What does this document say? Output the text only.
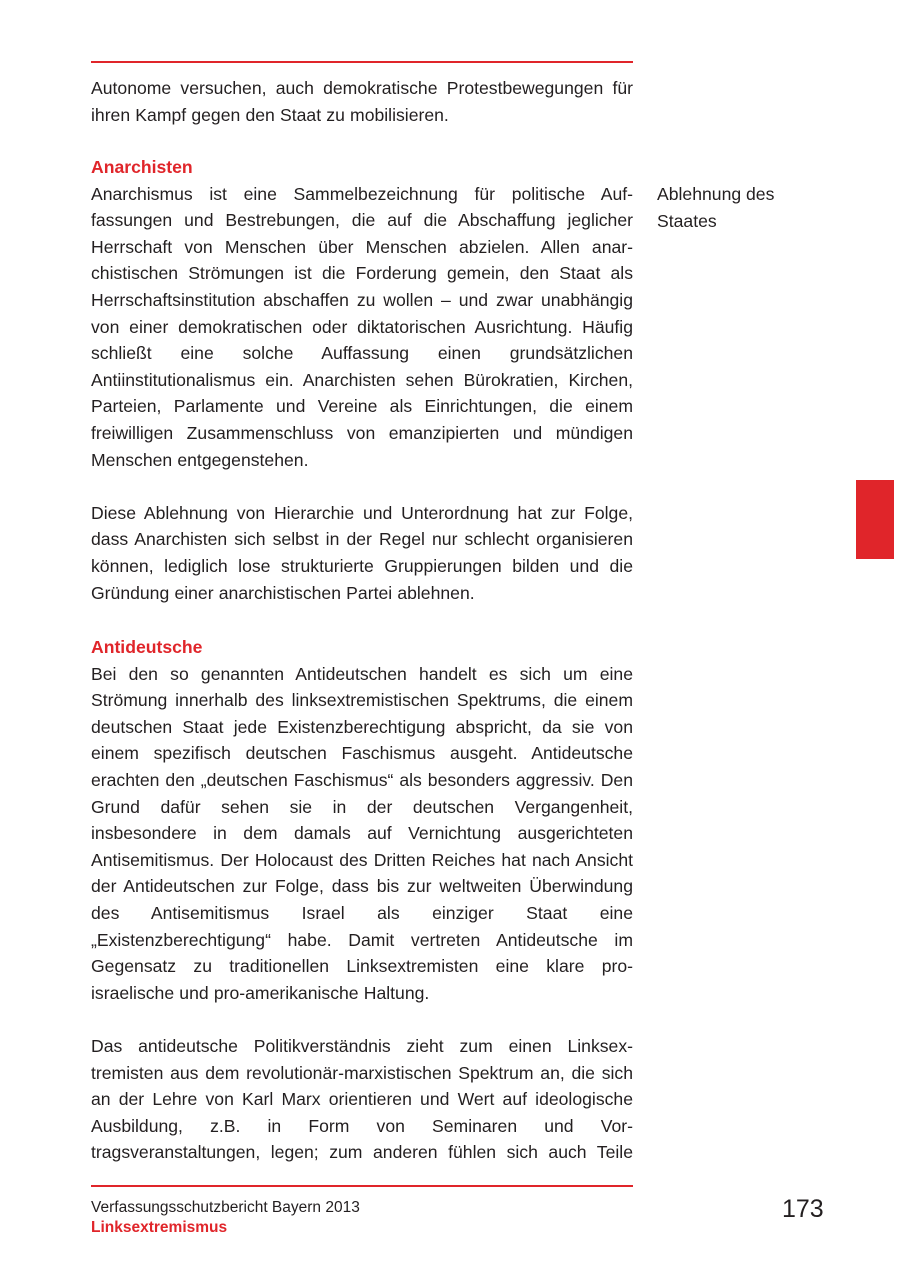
Autonome versuchen, auch demokratische Protestbewegungen für ihren Kampf gegen den Staat zu mobilisieren.

Anarchisten

Anarchismus ist eine Sammelbezeichnung für politische Auffassungen und Bestrebungen, die auf die Abschaffung jeglicher Herrschaft von Menschen über Menschen abzielen. Allen anarchistischen Strömungen ist die Forderung gemein, den Staat als Herrschaftsinstitution abschaffen zu wollen – und zwar unabhängig von einer demokratischen oder diktatorischen Ausrichtung. Häufig schließt eine solche Auffassung einen grundsätzlichen Antiinstitutionalismus ein. Anarchisten sehen Bürokratien, Kirchen, Parteien, Parlamente und Vereine als Einrichtungen, die einem freiwilligen Zusammenschluss von emanzipierten und mündigen Menschen entgegenstehen.

Diese Ablehnung von Hierarchie und Unterordnung hat zur Folge, dass Anarchisten sich selbst in der Regel nur schlecht organisieren können, lediglich lose strukturierte Gruppierungen bilden und die Gründung einer anarchistischen Partei ablehnen.

Ablehnung des Staates

Antideutsche

Bei den so genannten Antideutschen handelt es sich um eine Strömung innerhalb des linksextremistischen Spektrums, die einem deutschen Staat jede Existenzberechtigung abspricht, da sie von einem spezifisch deutschen Faschismus ausgeht. Antideutsche erachten den „deutschen Faschismus“ als besonders aggressiv. Den Grund dafür sehen sie in der deutschen Vergangenheit, insbesondere in dem damals auf Vernichtung ausgerichteten Antisemitismus. Der Holocaust des Dritten Reiches hat nach Ansicht der Antideutschen zur Folge, dass bis zur weltweiten Überwindung des Antisemitismus Israel als einziger Staat eine „Existenzberechtigung“ habe. Damit vertreten Antideutsche im Gegensatz zu traditionellen Linksextremisten eine klare pro-israelische und pro-amerikanische Haltung.

Das antideutsche Politikverständnis zieht zum einen Linksextremisten aus dem revolutionär-marxistischen Spektrum an, die sich an der Lehre von Karl Marx orientieren und Wert auf ideologische Ausbildung, z.B. in Form von Seminaren und Vortragsveranstaltungen, legen; zum anderen fühlen sich auch Teile

Verfassungsschutzbericht Bayern 2013

Linksextremismus

173
